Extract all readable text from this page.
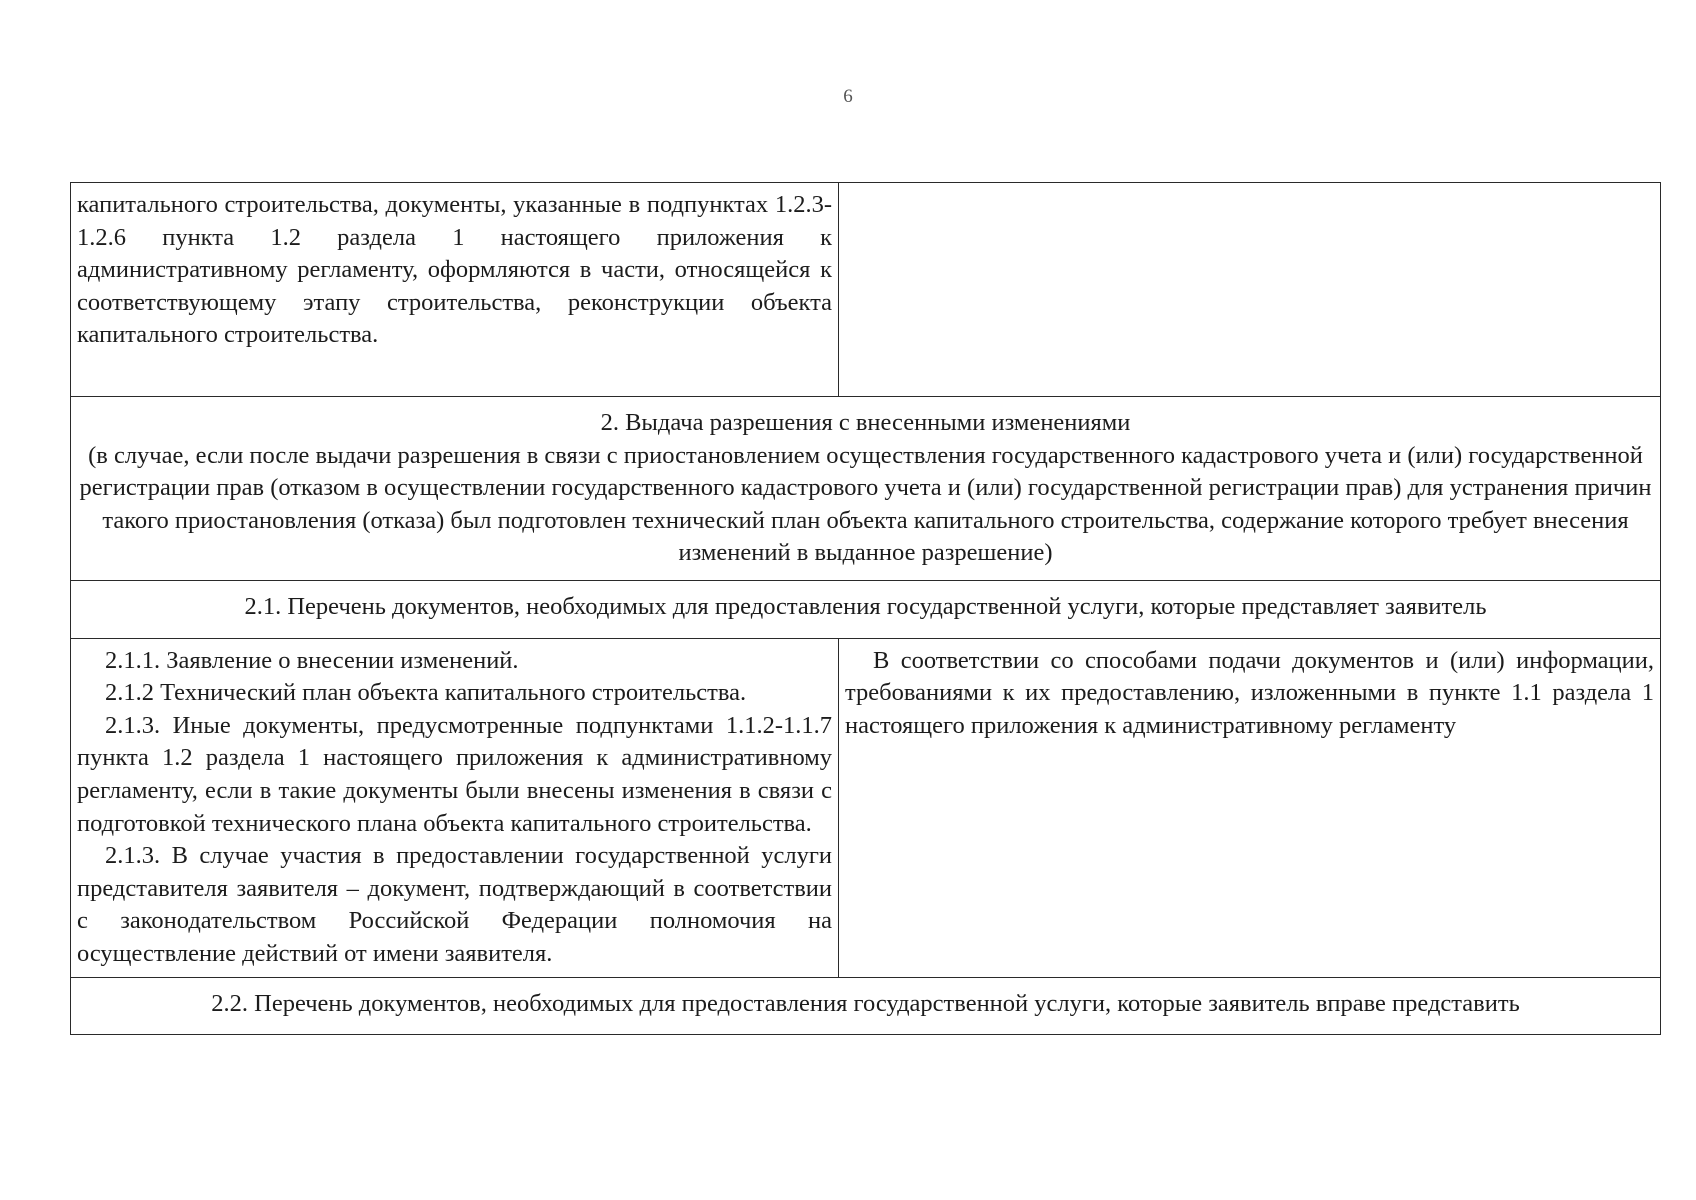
6
капитального строительства, документы, указанные в подпунктах 1.2.3-1.2.6 пункта 1.2 раздела 1 настоящего приложения к административному регламенту, оформляются в части, относящейся к соответствующему этапу строительства, реконструкции объекта капитального строительства.	

2. Выдача разрешения с внесенными изменениями

(в случае, если после выдачи разрешения в связи с приостановлением осуществления государственного кадастрового учета и (или) государственной регистрации прав (отказом в осуществлении государственного кадастрового учета и (или) государственной регистрации прав) для устранения причин такого приостановления (отказа) был подготовлен технический план объекта капитального строительства, содержание которого требует внесения изменений в выданное разрешение)	

2.1. Перечень документов, необходимых для предоставления государственной услуги, которые представляет заявитель	

2.1.1. Заявление о внесении изменений.

2.1.2 Технический план объекта капитального строительства.

2.1.3. Иные документы, предусмотренные подпунктами 1.1.2-1.1.7 пункта 1.2 раздела 1 настоящего приложения к административному регламенту, если в такие документы были внесены изменения в связи с подготовкой технического плана объекта капитального строительства.

2.1.3. В случае участия в предоставлении государственной услуги представителя заявителя – документ, подтверждающий в соответствии с законодательством Российской Федерации полномочия на осуществление действий от имени заявителя.	В соответствии со способами подачи документов и (или) информации, требованиями к их предоставлению, изложенными в пункте 1.1 раздела 1 настоящего приложения к административному регламенту

2.2. Перечень документов, необходимых для предоставления государственной услуги, которые заявитель вправе представить	
